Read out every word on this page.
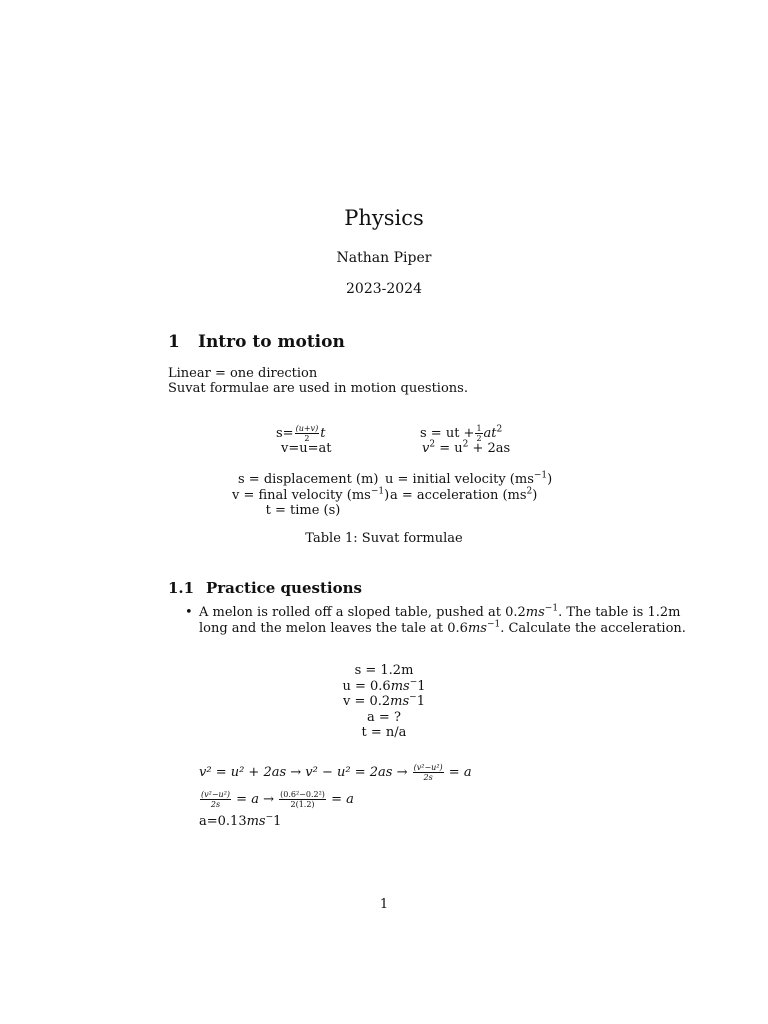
Physics
Nathan Piper
2023-2024
1 Intro to motion
Linear = one direction
Suvat formulae are used in motion questions.
$s= \frac{(u+v)}{2}$ t
v=u=at
s = ut + $\frac{1}{2} at^2$
$v^2 = u^2 + 2as$
s = displacement (m) u = initial velocity $(ms^{-1})$
v = final velocity $(ms^{-1}) a$ = acceleration $(ms^2)$
t = time (s)
Table 1: Suvat formulae
1.1 Practice questions
• A melon is rolled off a sloped table, pushed at $0.2ms^{-1}$. The table is 1.2m
long and the melon leaves the tale at $0.6ms^{-1}$. Calculate the acceleration.
s = 1.2m
u = 0.6ms−1
v = 0.2ms−1
a = ?
t = n/a
$v^2 = u^2 + 2as \to v^2 - u^2 = 2as \to \frac{\text{(v²−u²)}}{2s} = a$
$\frac{\text{(v²−u²)}}{2s} = a \to \frac{\text{(0.6²−0.2²)}}{2(1.2)} = a$
a=0.13ms−1
1
